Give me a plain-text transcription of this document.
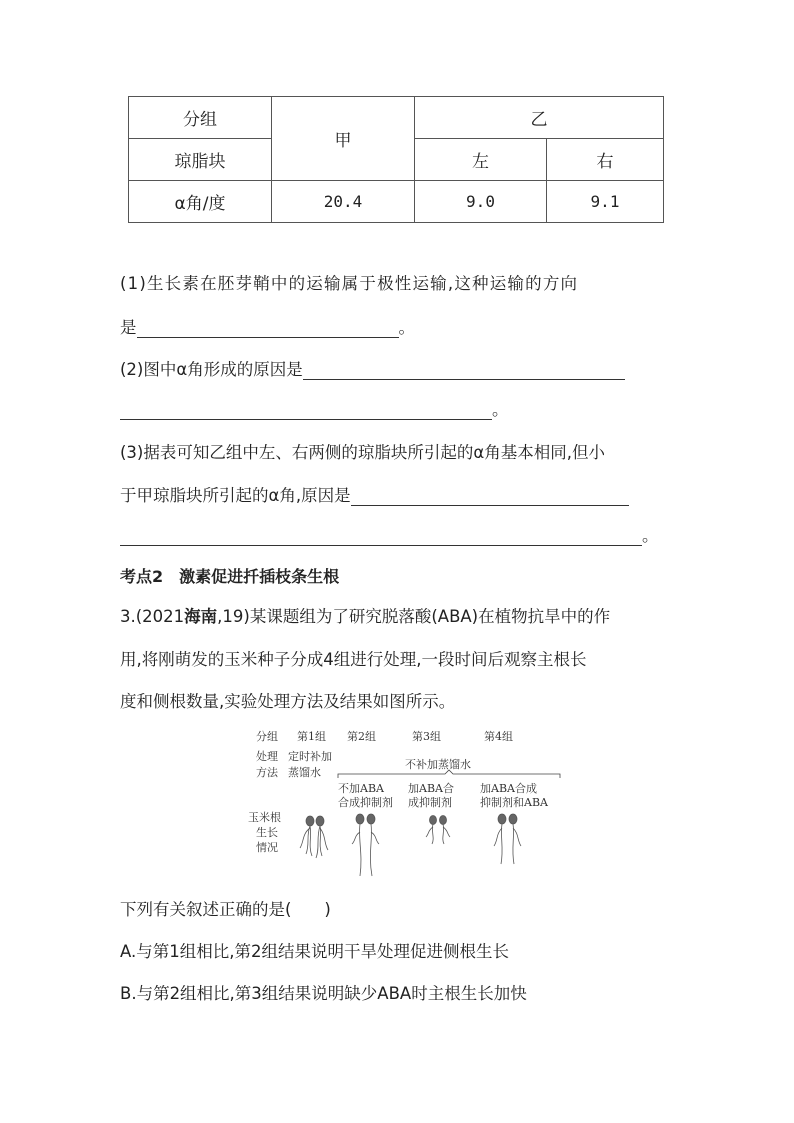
分组	甲	乙	
琼脂块		左	右
α角/度	20.4	9.0	9.1
(1)生长素在胚芽鞘中的运输属于极性运输,这种运输的方向
是	。
(2)图中α角形成的原因是
。
(3)据表可知乙组中左、右两侧的琼脂块所引起的α角基本相同,但小
于甲琼脂块所引起的α角,原因是
。
考点2　激素促进扦插枝条生根
3.(2021海南,19)某课题组为了研究脱落酸(ABA)在植物抗旱中的作
用,将刚萌发的玉米种子分成4组进行处理,一段时间后观察主根长
度和侧根数量,实验处理方法及结果如图所示。
分组 第1组 第2组	第3组	第4组
处理
方法
定时补加
蒸馏水
不补加蒸馏水
不加ABA
合成抑制剂
加ABA合
成抑制剂
加ABA合成
抑制剂和ABA
玉米根
生长
情况
下列有关叙述正确的是(　　)
A.与第1组相比,第2组结果说明干旱处理促进侧根生长
B.与第2组相比,第3组结果说明缺少ABA时主根生长加快
